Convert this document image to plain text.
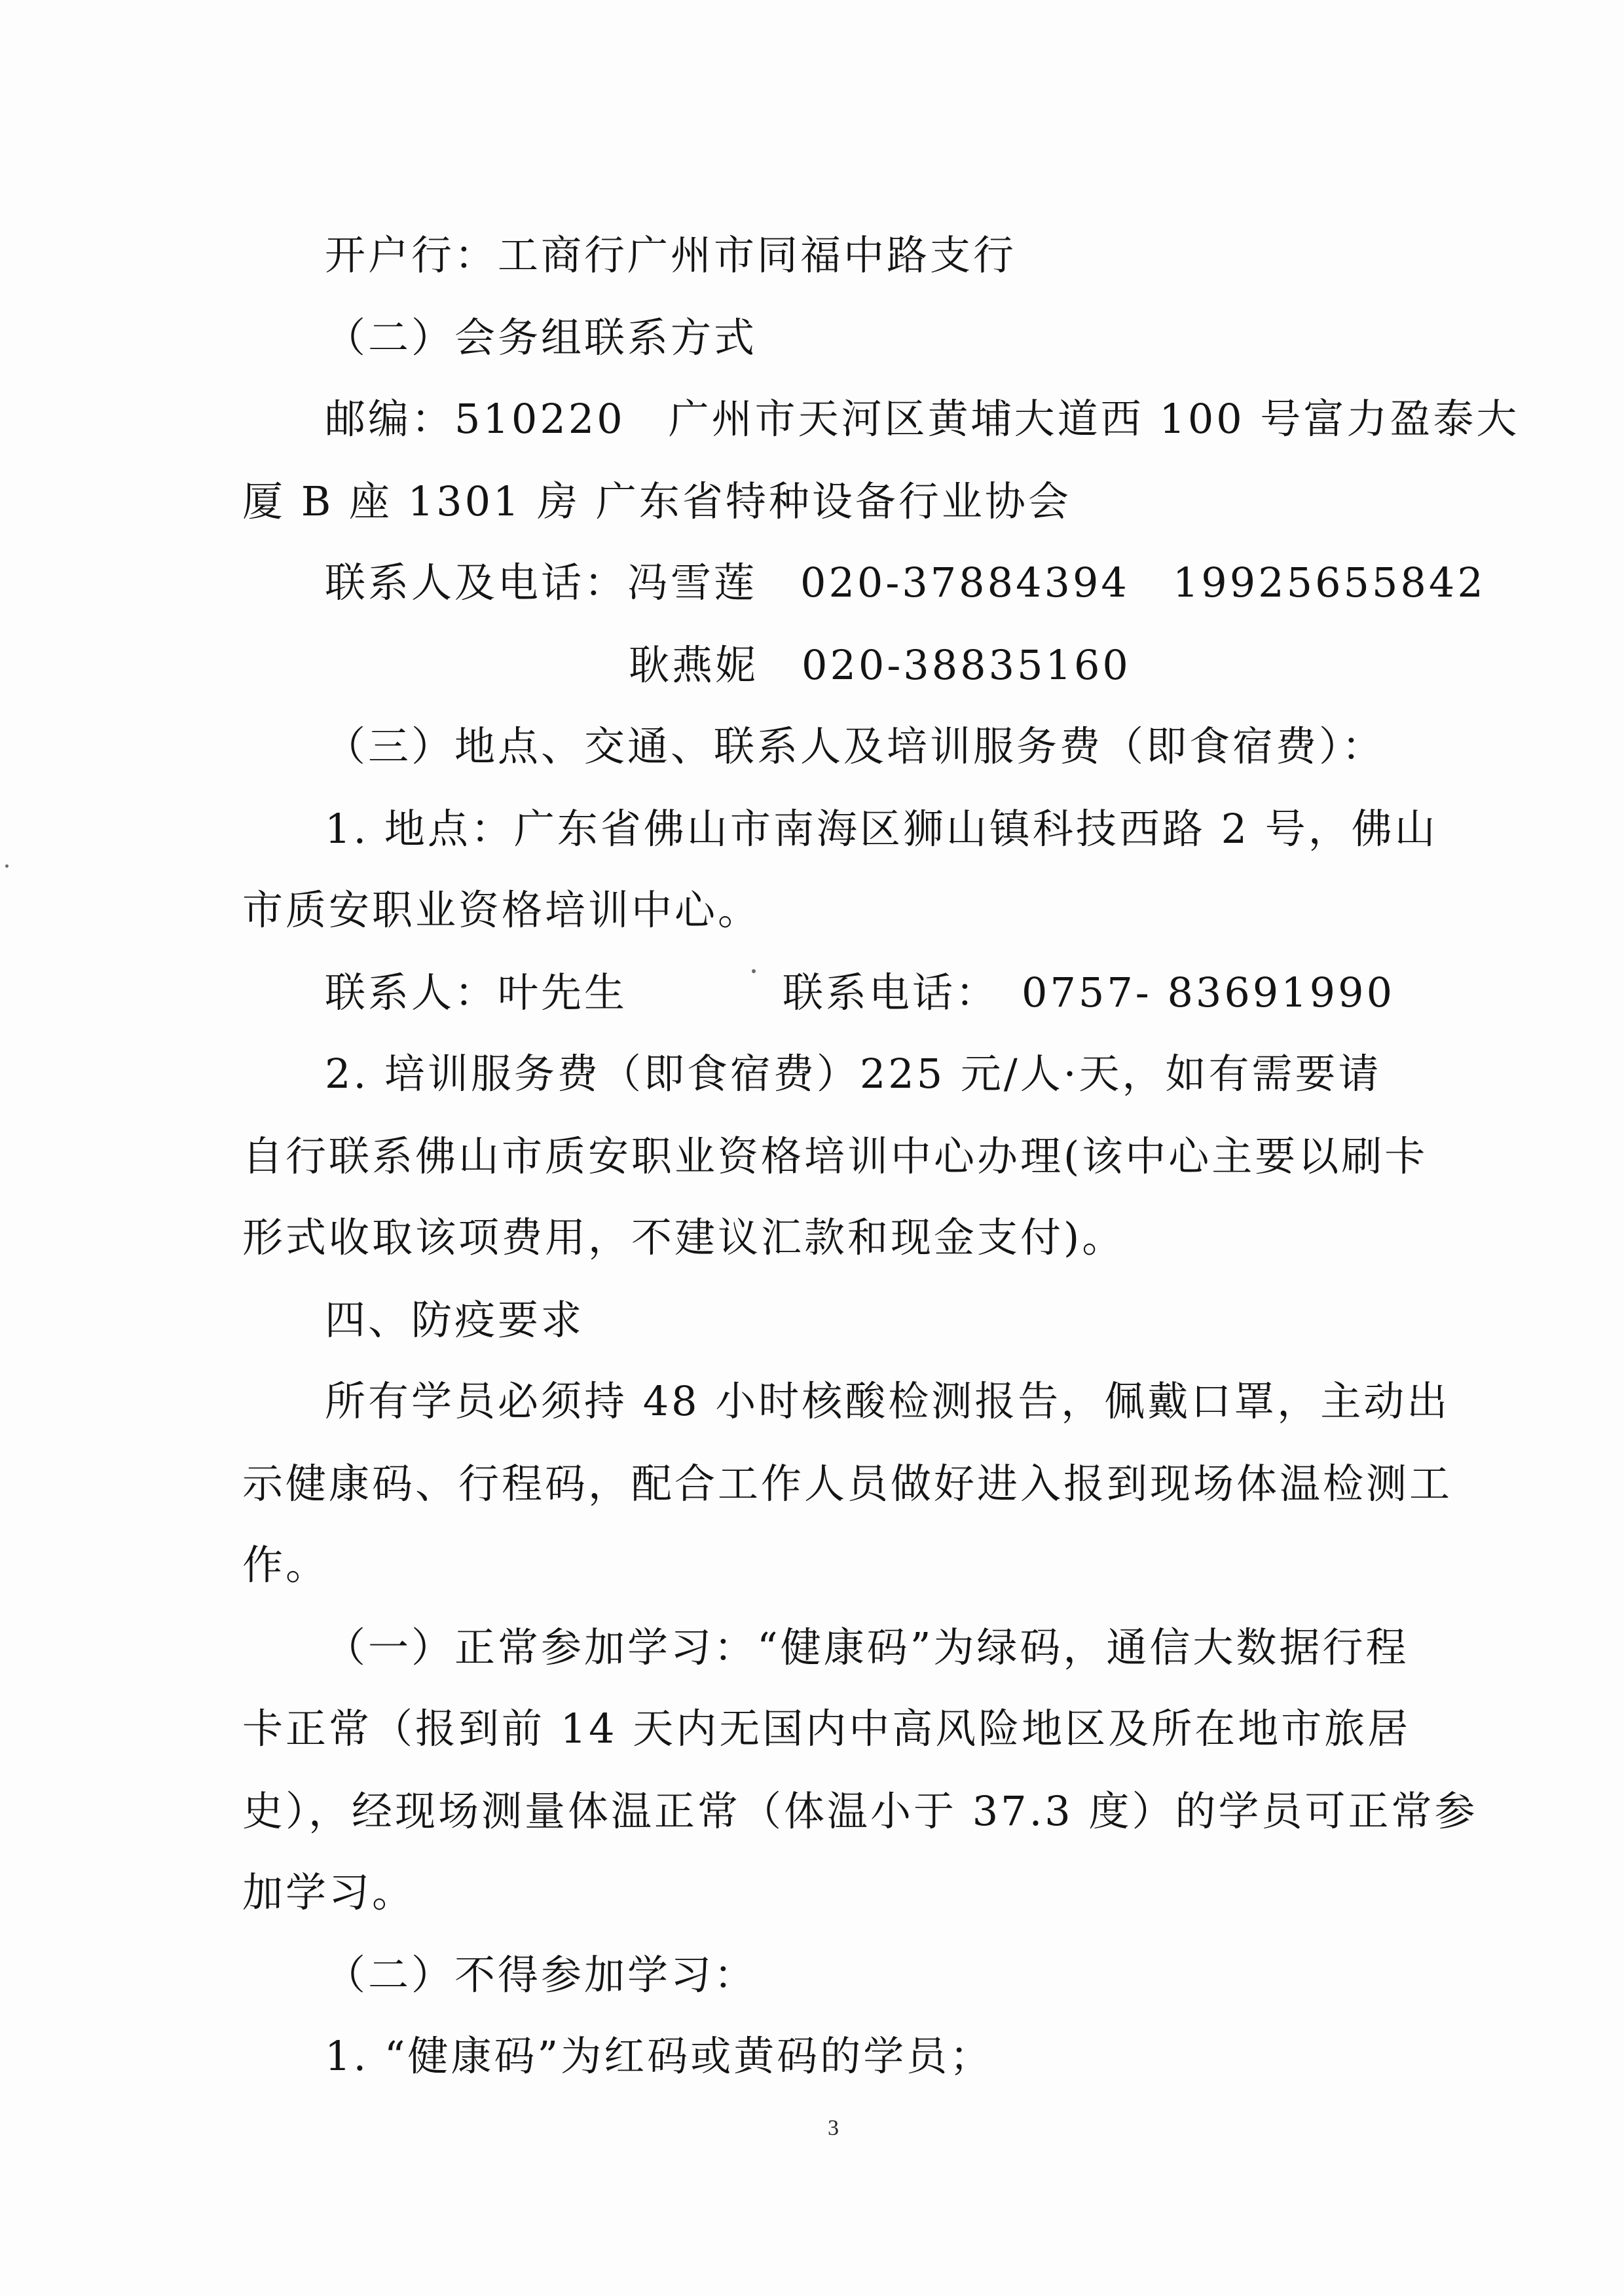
开户行：工商行广州市同福中路支行
（二）会务组联系方式
邮编：510220　广州市天河区黄埔大道西 100 号富力盈泰大
厦 B 座 1301 房 广东省特种设备行业协会
联系人及电话：冯雪莲　020-37884394　19925655842
耿燕妮　020-38835160
（三）地点、交通、联系人及培训服务费（即食宿费）：
1. 地点：广东省佛山市南海区狮山镇科技西路 2 号，佛山
市质安职业资格培训中心。
联系人：叶先生	联系电话：　0757- 83691990
2. 培训服务费（即食宿费）225 元/人·天，如有需要请
自行联系佛山市质安职业资格培训中心办理(该中心主要以刷卡
形式收取该项费用，不建议汇款和现金支付)。
四、防疫要求
所有学员必须持 48 小时核酸检测报告，佩戴口罩，主动出
示健康码、行程码，配合工作人员做好进入报到现场体温检测工
作。
（一）正常参加学习：“健康码”为绿码，通信大数据行程
卡正常（报到前 14 天内无国内中高风险地区及所在地市旅居
史），经现场测量体温正常（体温小于 37.3 度）的学员可正常参
加学习。
（二）不得参加学习：
1. “健康码”为红码或黄码的学员；
3
